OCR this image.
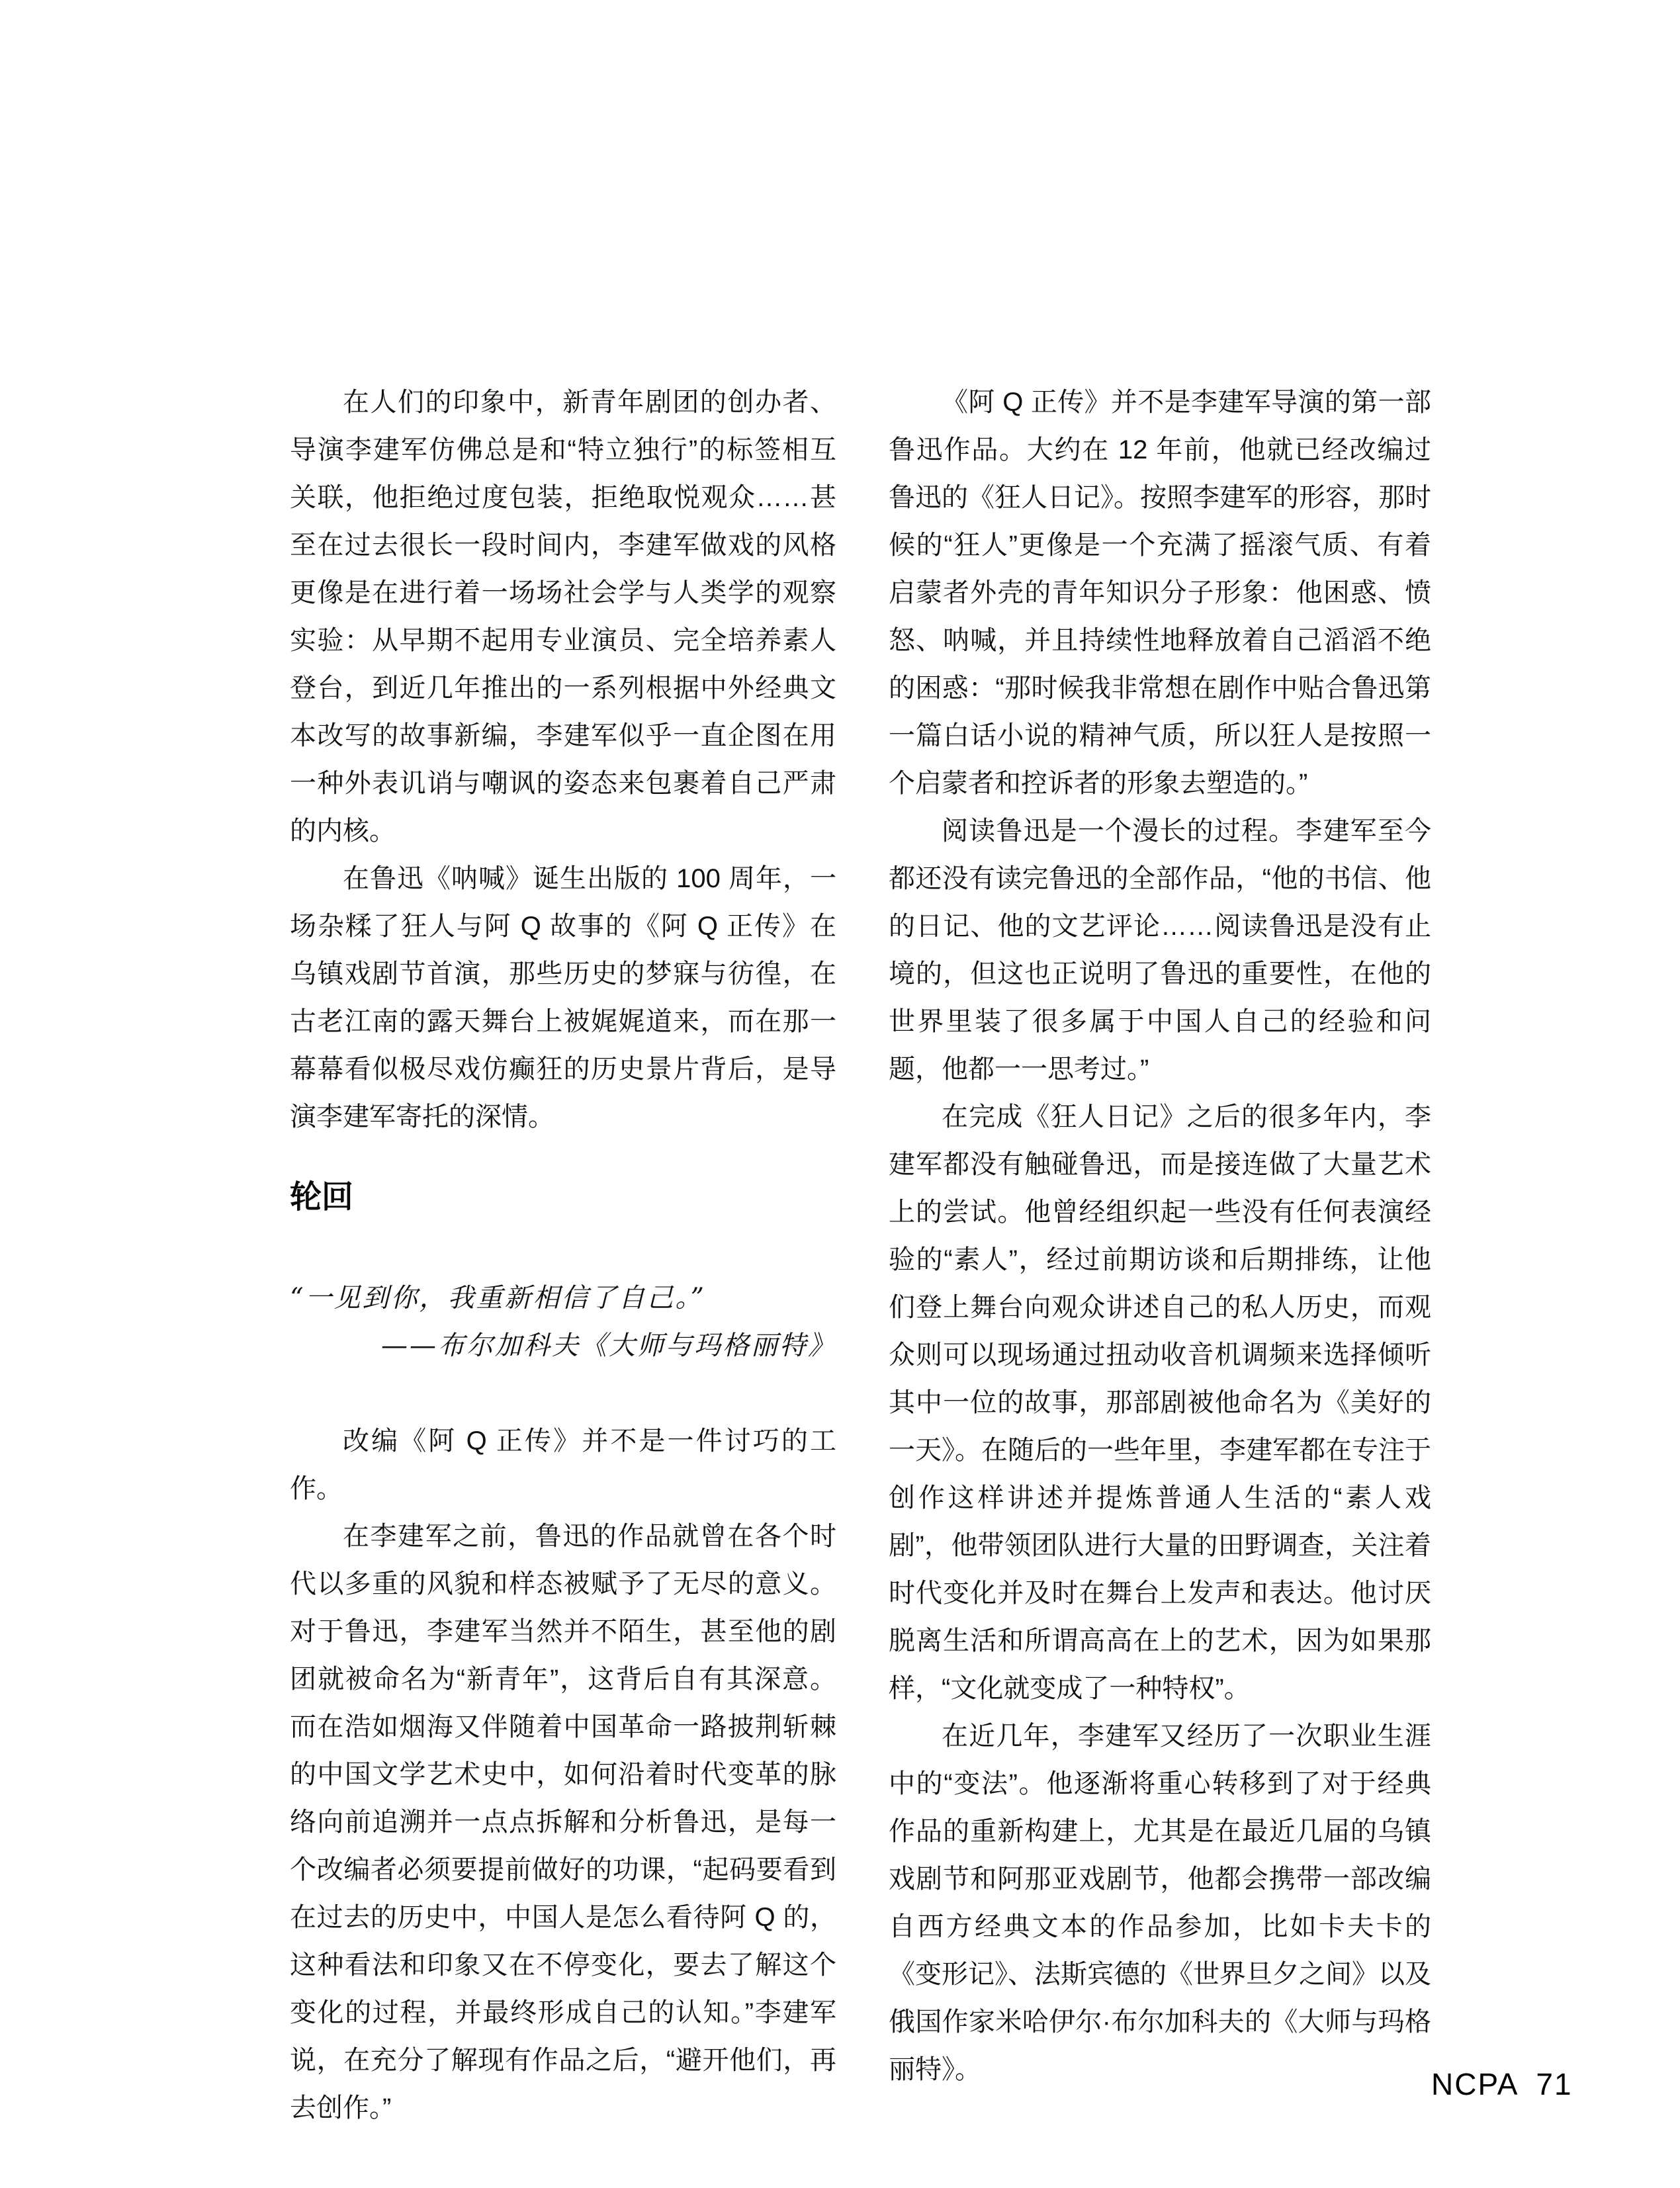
在人们的印象中，新青年剧团的创办者、导演李建军仿佛总是和“特立独行”的标签相互关联，他拒绝过度包装，拒绝取悦观众……甚至在过去很长一段时间内，李建军做戏的风格更像是在进行着一场场社会学与人类学的观察实验：从早期不起用专业演员、完全培养素人登台，到近几年推出的一系列根据中外经典文本改写的故事新编，李建军似乎一直企图在用一种外表讥诮与嘲讽的姿态来包裹着自己严肃的内核。

在鲁迅《呐喊》诞生出版的 100 周年，一场杂糅了狂人与阿 Q 故事的《阿 Q 正传》在乌镇戏剧节首演，那些历史的梦寐与彷徨，在古老江南的露天舞台上被娓娓道来，而在那一幕幕看似极尽戏仿癫狂的历史景片背后，是导演李建军寄托的深情。

轮回

“一见到你，我重新相信了自己。”

——布尔加科夫《大师与玛格丽特》

改编《阿 Q 正传》并不是一件讨巧的工作。

在李建军之前，鲁迅的作品就曾在各个时代以多重的风貌和样态被赋予了无尽的意义。对于鲁迅，李建军当然并不陌生，甚至他的剧团就被命名为“新青年”，这背后自有其深意。而在浩如烟海又伴随着中国革命一路披荆斩棘的中国文学艺术史中，如何沿着时代变革的脉络向前追溯并一点点拆解和分析鲁迅，是每一个改编者必须要提前做好的功课，“起码要看到在过去的历史中，中国人是怎么看待阿 Q 的，这种看法和印象又在不停变化，要去了解这个变化的过程，并最终形成自己的认知。”李建军说，在充分了解现有作品之后，“避开他们，再去创作。”

《阿 Q 正传》并不是李建军导演的第一部鲁迅作品。大约在 12 年前，他就已经改编过鲁迅的《狂人日记》。按照李建军的形容，那时候的“狂人”更像是一个充满了摇滚气质、有着启蒙者外壳的青年知识分子形象：他困惑、愤怒、呐喊，并且持续性地释放着自己滔滔不绝的困惑：“那时候我非常想在剧作中贴合鲁迅第一篇白话小说的精神气质，所以狂人是按照一个启蒙者和控诉者的形象去塑造的。”

阅读鲁迅是一个漫长的过程。李建军至今都还没有读完鲁迅的全部作品，“他的书信、他的日记、他的文艺评论……阅读鲁迅是没有止境的，但这也正说明了鲁迅的重要性，在他的世界里装了很多属于中国人自己的经验和问题，他都一一思考过。”

在完成《狂人日记》之后的很多年内，李建军都没有触碰鲁迅，而是接连做了大量艺术上的尝试。他曾经组织起一些没有任何表演经验的“素人”，经过前期访谈和后期排练，让他们登上舞台向观众讲述自己的私人历史，而观众则可以现场通过扭动收音机调频来选择倾听其中一位的故事，那部剧被他命名为《美好的一天》。在随后的一些年里，李建军都在专注于创作这样讲述并提炼普通人生活的“素人戏剧”，他带领团队进行大量的田野调查，关注着时代变化并及时在舞台上发声和表达。他讨厌脱离生活和所谓高高在上的艺术，因为如果那样，“文化就变成了一种特权”。

在近几年，李建军又经历了一次职业生涯中的“变法”。他逐渐将重心转移到了对于经典作品的重新构建上，尤其是在最近几届的乌镇戏剧节和阿那亚戏剧节，他都会携带一部改编自西方经典文本的作品参加，比如卡夫卡的《变形记》、法斯宾德的《世界旦夕之间》以及俄国作家米哈伊尔·布尔加科夫的《大师与玛格丽特》。	NCPA 71
